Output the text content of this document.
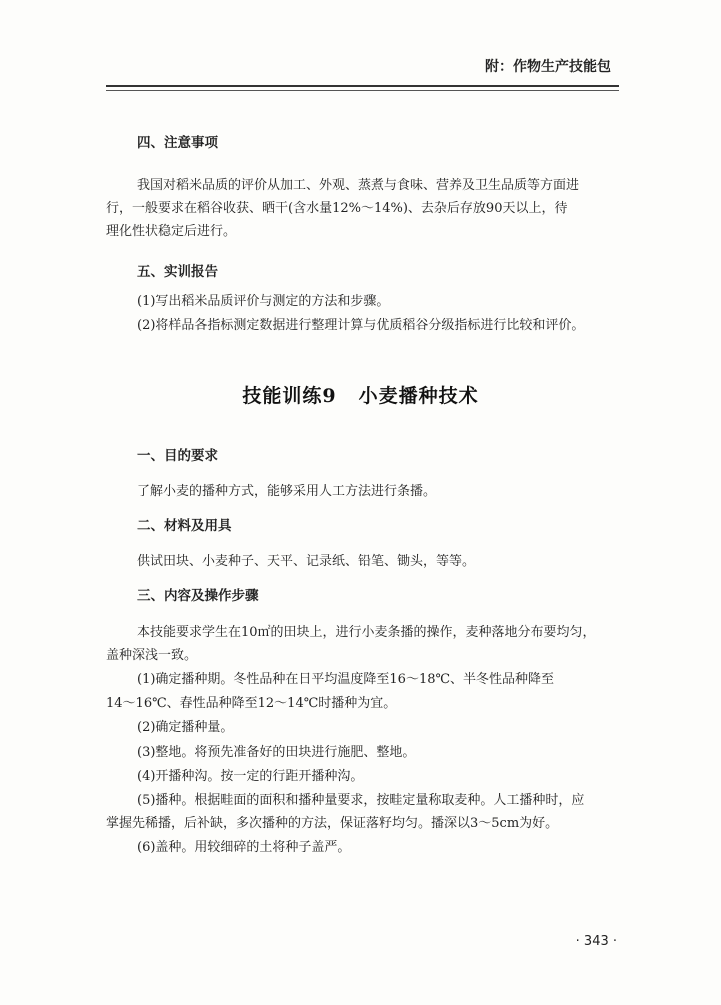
附：作物生产技能包
四、注意事项
我国对稻米品质的评价从加工、外观、蒸煮与食味、营养及卫生品质等方面进
行，一般要求在稻谷收获、晒干(含水量12%～14%)、去杂后存放90天以上，待
理化性状稳定后进行。
五、实训报告
(1)写出稻米品质评价与测定的方法和步骤。
(2)将样品各指标测定数据进行整理计算与优质稻谷分级指标进行比较和评价。
技能训练9 小麦播种技术
一、目的要求
了解小麦的播种方式，能够采用人工方法进行条播。
二、材料及用具
供试田块、小麦种子、天平、记录纸、铅笔、锄头，等等。
三、内容及操作步骤
本技能要求学生在10㎡的田块上，进行小麦条播的操作，麦种落地分布要均匀，
盖种深浅一致。
(1)确定播种期。冬性品种在日平均温度降至16～18℃、半冬性品种降至
14～16℃、春性品种降至12～14℃时播种为宜。
(2)确定播种量。
(3)整地。将预先准备好的田块进行施肥、整地。
(4)开播种沟。按一定的行距开播种沟。
(5)播种。根据畦面的面积和播种量要求，按畦定量称取麦种。人工播种时，应
掌握先稀播，后补缺，多次播种的方法，保证落籽均匀。播深以3～5cm为好。
(6)盖种。用较细碎的土将种子盖严。
· 343 ·
